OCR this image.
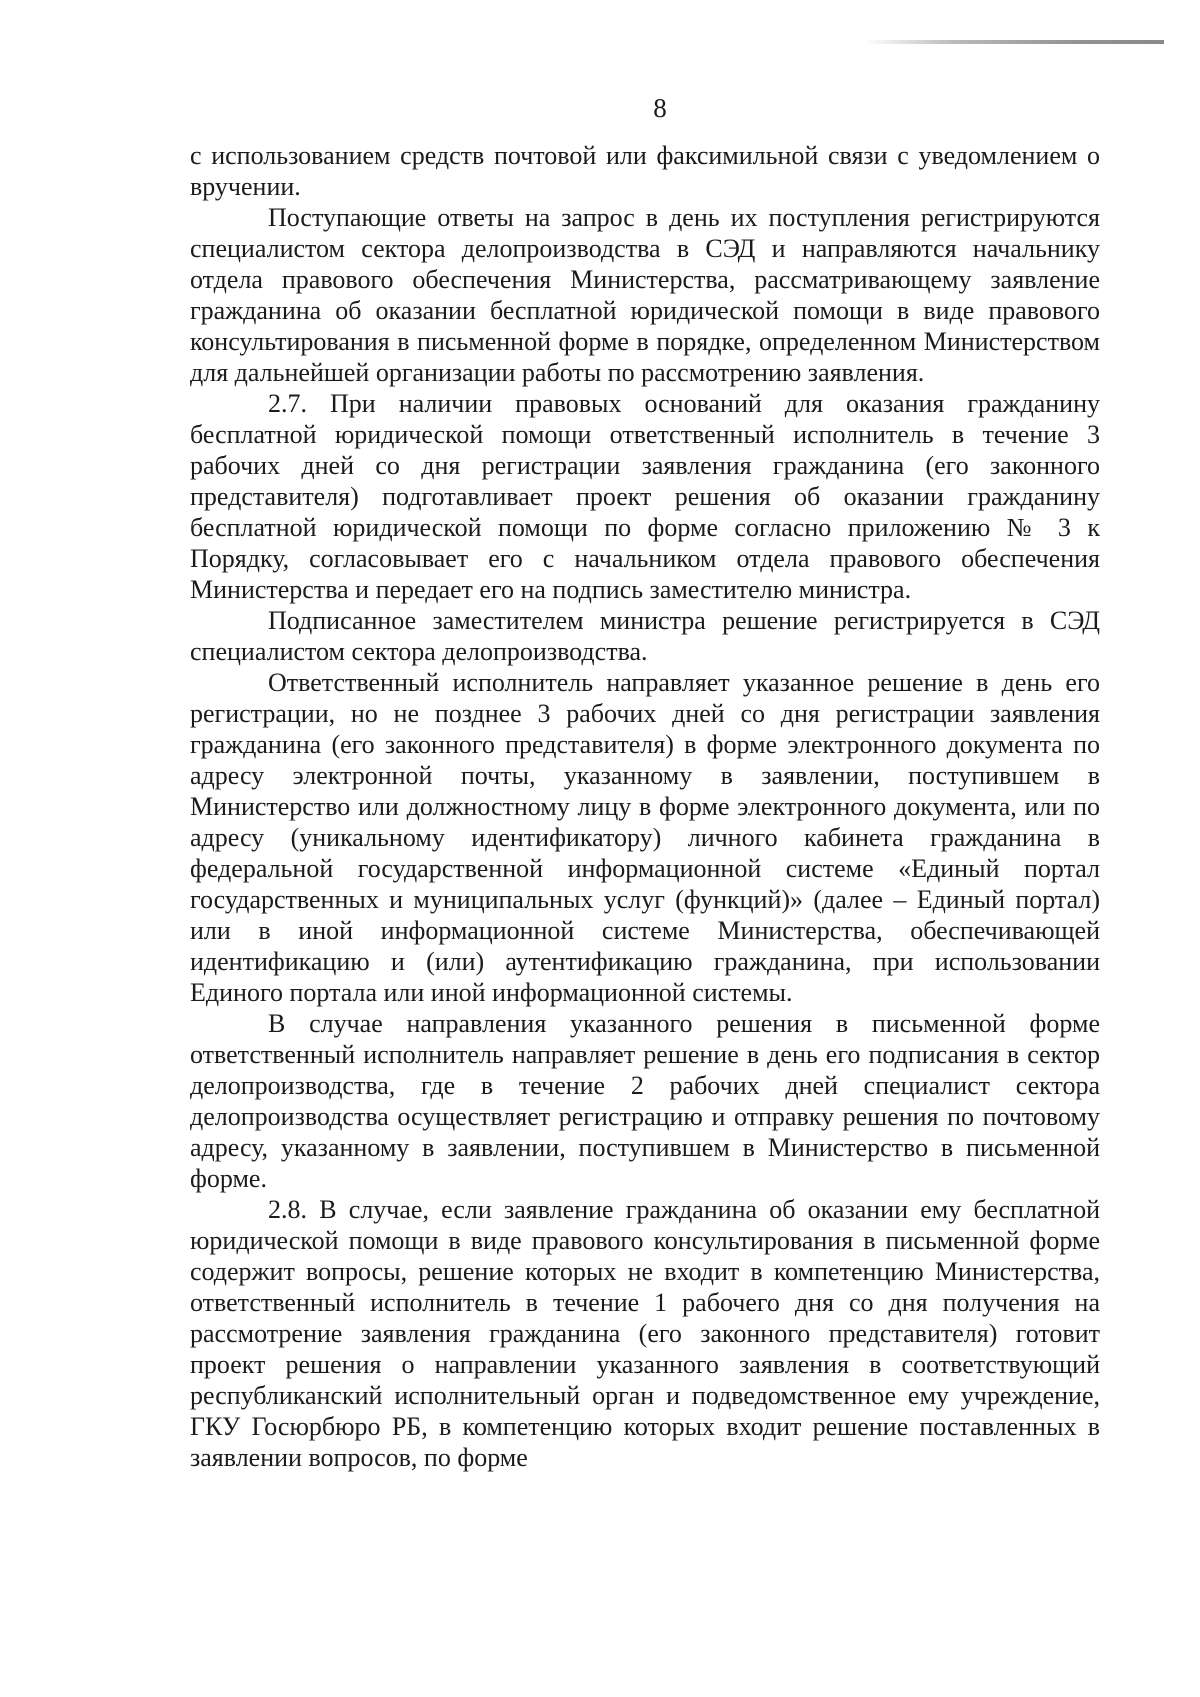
8

с использованием средств почтовой или факсимильной связи с уведомлением о вручении.

Поступающие ответы на запрос в день их поступления регистрируются специалистом сектора делопроизводства в СЭД и направляются начальнику отдела правового обеспечения Министерства, рассматривающему заявление гражданина об оказании бесплатной юридической помощи в виде правового консультирования в письменной форме в порядке, определенном Министерством для дальнейшей организации работы по рассмотрению заявления.

2.7. При наличии правовых оснований для оказания гражданину бесплатной юридической помощи ответственный исполнитель в течение 3 рабочих дней со дня регистрации заявления гражданина (его законного представителя) подготавливает проект решения об оказании гражданину бесплатной юридической помощи по форме согласно приложению № 3 к Порядку, согласовывает его с начальником отдела правового обеспечения Министерства и передает его на подпись заместителю министра.

Подписанное заместителем министра решение регистрируется в СЭД специалистом сектора делопроизводства.

Ответственный исполнитель направляет указанное решение в день его регистрации, но не позднее 3 рабочих дней со дня регистрации заявления гражданина (его законного представителя) в форме электронного документа по адресу электронной почты, указанному в заявлении, поступившем в Министерство или должностному лицу в форме электронного документа, или по адресу (уникальному идентификатору) личного кабинета гражданина в федеральной государственной информационной системе «Единый портал государственных и муниципальных услуг (функций)» (далее – Единый портал) или в иной информационной системе Министерства, обеспечивающей идентификацию и (или) аутентификацию гражданина, при использовании Единого портала или иной информационной системы.

В случае направления указанного решения в письменной форме ответственный исполнитель направляет решение в день его подписания в сектор делопроизводства, где в течение 2 рабочих дней специалист сектора делопроизводства осуществляет регистрацию и отправку решения по почтовому адресу, указанному в заявлении, поступившем в Министерство в письменной форме.

2.8. В случае, если заявление гражданина об оказании ему бесплатной юридической помощи в виде правового консультирования в письменной форме содержит вопросы, решение которых не входит в компетенцию Министерства, ответственный исполнитель в течение 1 рабочего дня со дня получения на рассмотрение заявления гражданина (его законного представителя) готовит проект решения о направлении указанного заявления в соответствующий республиканский исполнительный орган и подведомственное ему учреждение, ГКУ Госюрбюро РБ, в компетенцию которых входит решение поставленных в заявлении вопросов, по форме
